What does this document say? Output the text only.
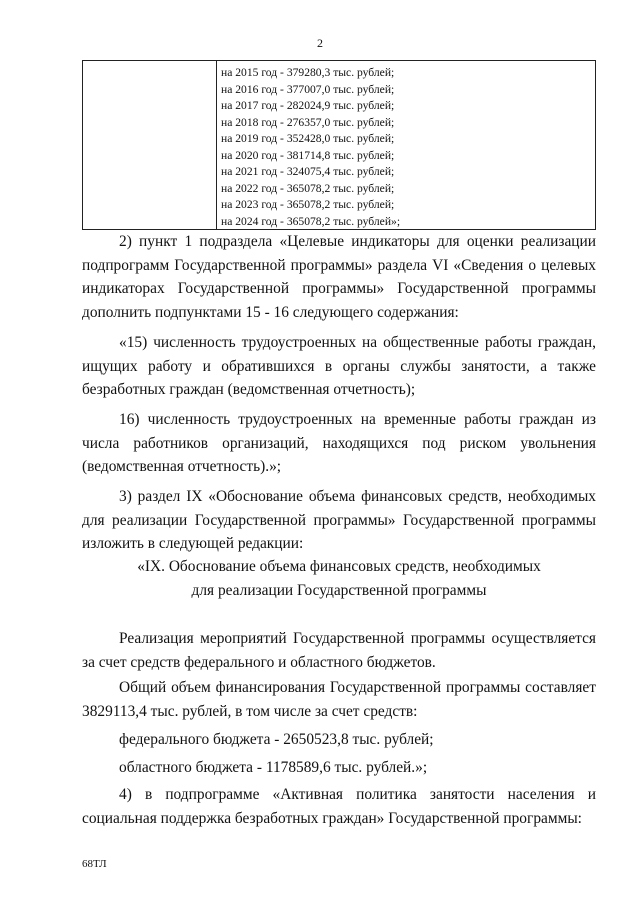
2
на 2015 год - 379280,3 тыс. рублей;
на 2016 год - 377007,0 тыс. рублей;
на 2017 год - 282024,9 тыс. рублей;
на 2018 год - 276357,0 тыс. рублей;
на 2019 год - 352428,0 тыс. рублей;
на 2020 год - 381714,8 тыс. рублей;
на 2021 год - 324075,4 тыс. рублей;
на 2022 год - 365078,2 тыс. рублей;
на 2023 год - 365078,2 тыс. рублей;
на 2024 год - 365078,2 тыс. рублей»;

2) пункт 1 подраздела «Целевые индикаторы для оценки реализации подпрограмм Государственной программы» раздела VI «Сведения о целевых индикаторах Государственной программы» Государственной программы дополнить подпунктами 15 - 16 следующего содержания:

«15) численность трудоустроенных на общественные работы граждан, ищущих работу и обратившихся в органы службы занятости, а также безработных граждан (ведомственная отчетность);

16) численность трудоустроенных на временные работы граждан из числа работников организаций, находящихся под риском увольнения (ведомственная отчетность).»;

3) раздел IX «Обоснование объема финансовых средств, необходимых для реализации Государственной программы» Государственной программы изложить в следующей редакции:

«IX. Обоснование объема финансовых средств, необходимых

для реализации Государственной программы

Реализация мероприятий Государственной программы осуществляется за счет средств федерального и областного бюджетов.

Общий объем финансирования Государственной программы составляет 3829113,4 тыс. рублей, в том числе за счет средств:

федерального бюджета - 2650523,8 тыс. рублей;

областного бюджета - 1178589,6 тыс. рублей.»;

4) в подпрограмме «Активная политика занятости населения и социальная поддержка безработных граждан» Государственной программы:

68ТЛ
